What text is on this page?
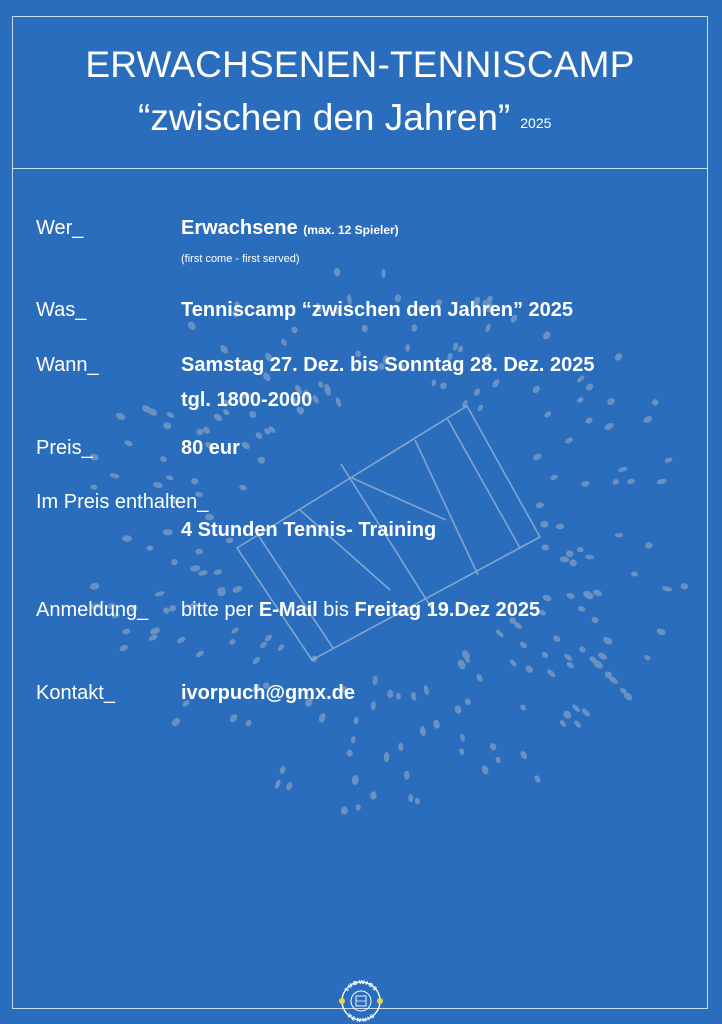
ERWACHSENEN-TENNISCAMP
“zwischen den Jahren” 2025
Wer_	Erwachsene (max. 12 Spieler)
(first come - first served)
Was_	Tenniscamp “zwischen den Jahren” 2025
Wann_	Samstag 27. Dez. bis Sonntag 28. Dez. 2025
tgl. 1800-2000
Preis_	80 eur
Im Preis enthalten_
4 Stunden Tennis- Training
Anmeldung_ bitte per E-Mail bis Freitag 19.Dez 2025
Kontakt_	ivorpuch@gmx.de
LUDWIGS
TENNIS
